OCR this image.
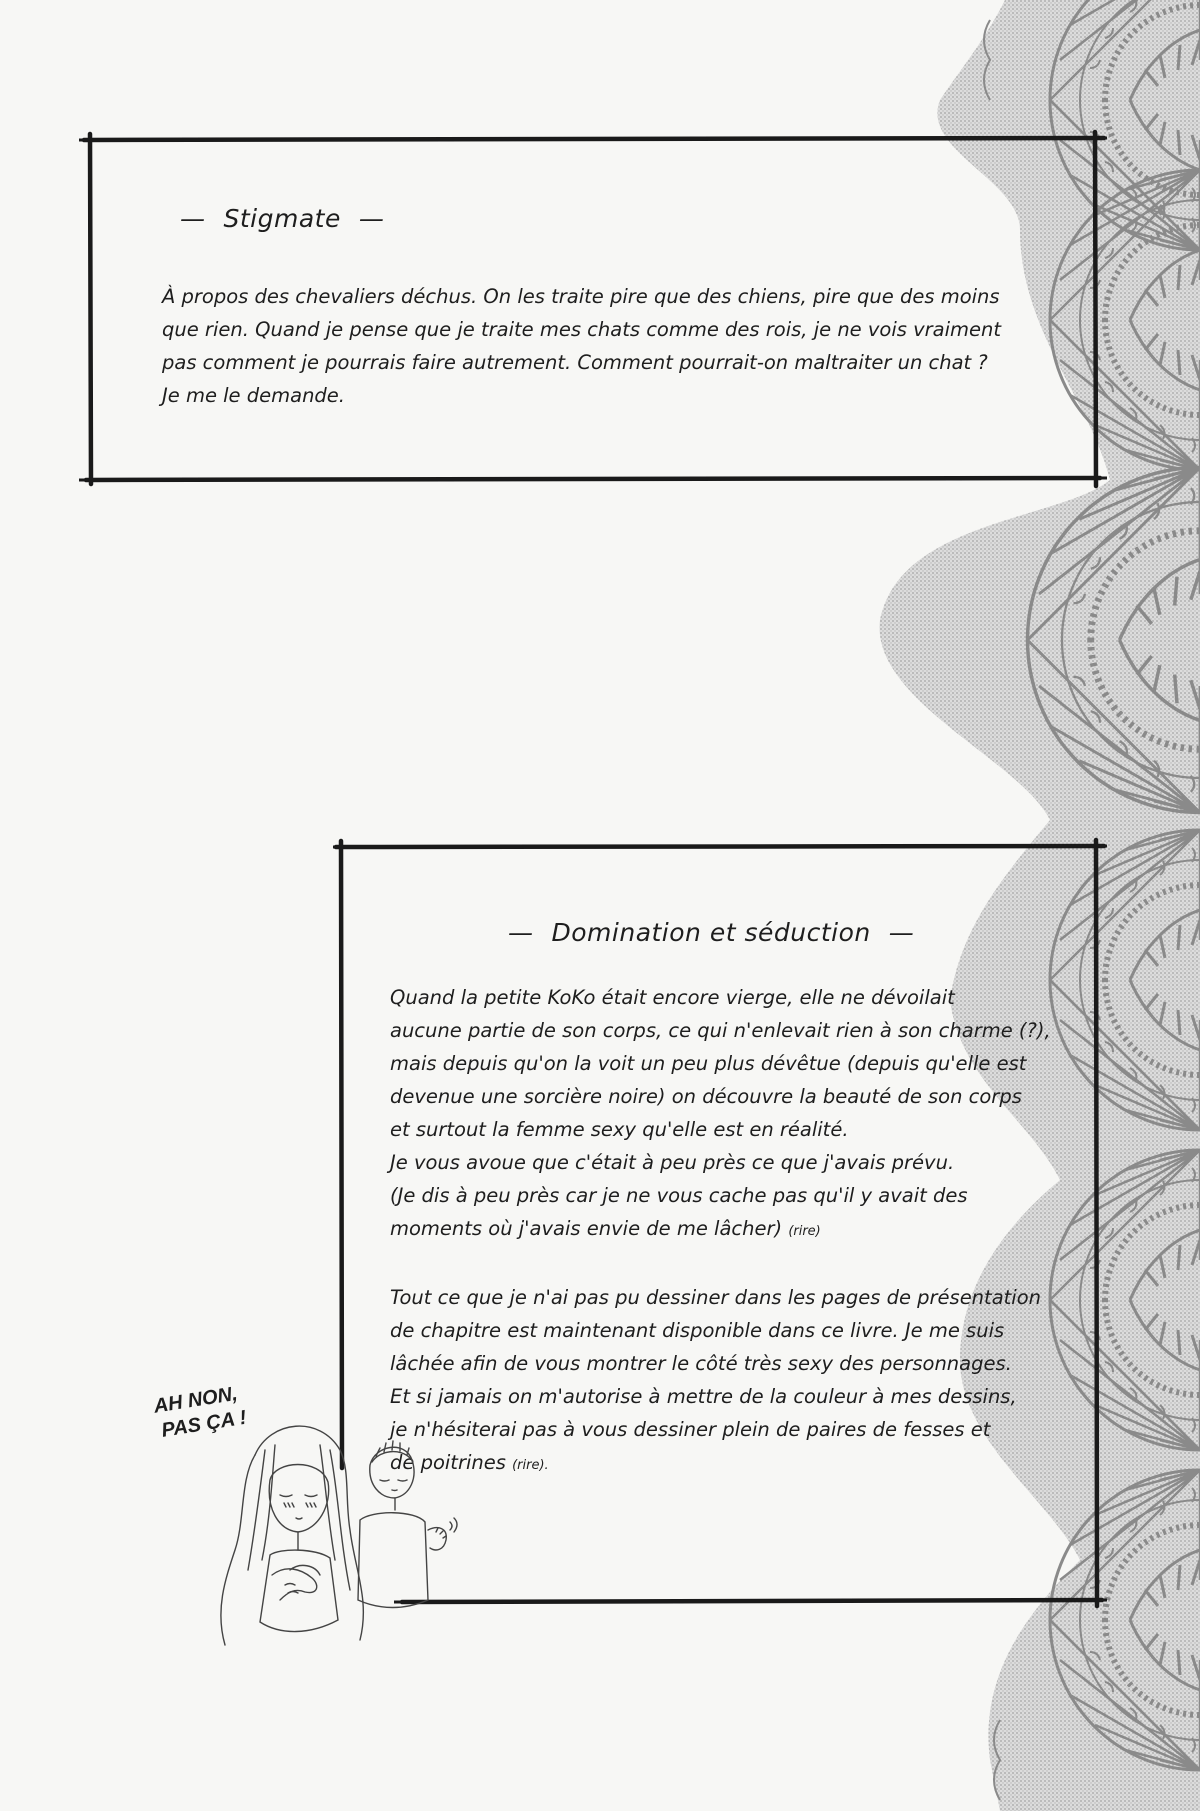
— Stigmate —

À propos des chevaliers déchus. On les traite pire que des chiens, pire que des moins

que rien. Quand je pense que je traite mes chats comme des rois, je ne vois vraiment

pas comment je pourrais faire autrement. Comment pourrait-on maltraiter un chat ?

Je me le demande.

— Domination et séduction —

Quand la petite KoKo était encore vierge, elle ne dévoilait

aucune partie de son corps, ce qui n'enlevait rien à son charme (?),

mais depuis qu'on la voit un peu plus dévêtue (depuis qu'elle est

devenue une sorcière noire) on découvre la beauté de son corps

et surtout la femme sexy qu'elle est en réalité.

Je vous avoue que c'était à peu près ce que j'avais prévu.

(Je dis à peu près car je ne vous cache pas qu'il y avait des

moments où j'avais envie de me lâcher) (rire)

Tout ce que je n'ai pas pu dessiner dans les pages de présentation

de chapitre est maintenant disponible dans ce livre. Je me suis

lâchée afin de vous montrer le côté très sexy des personnages.

Et si jamais on m'autorise à mettre de la couleur à mes dessins,

je n'hésiterai pas à vous dessiner plein de paires de fesses et

de poitrines (rire).

AH NON,

PAS ÇA !
